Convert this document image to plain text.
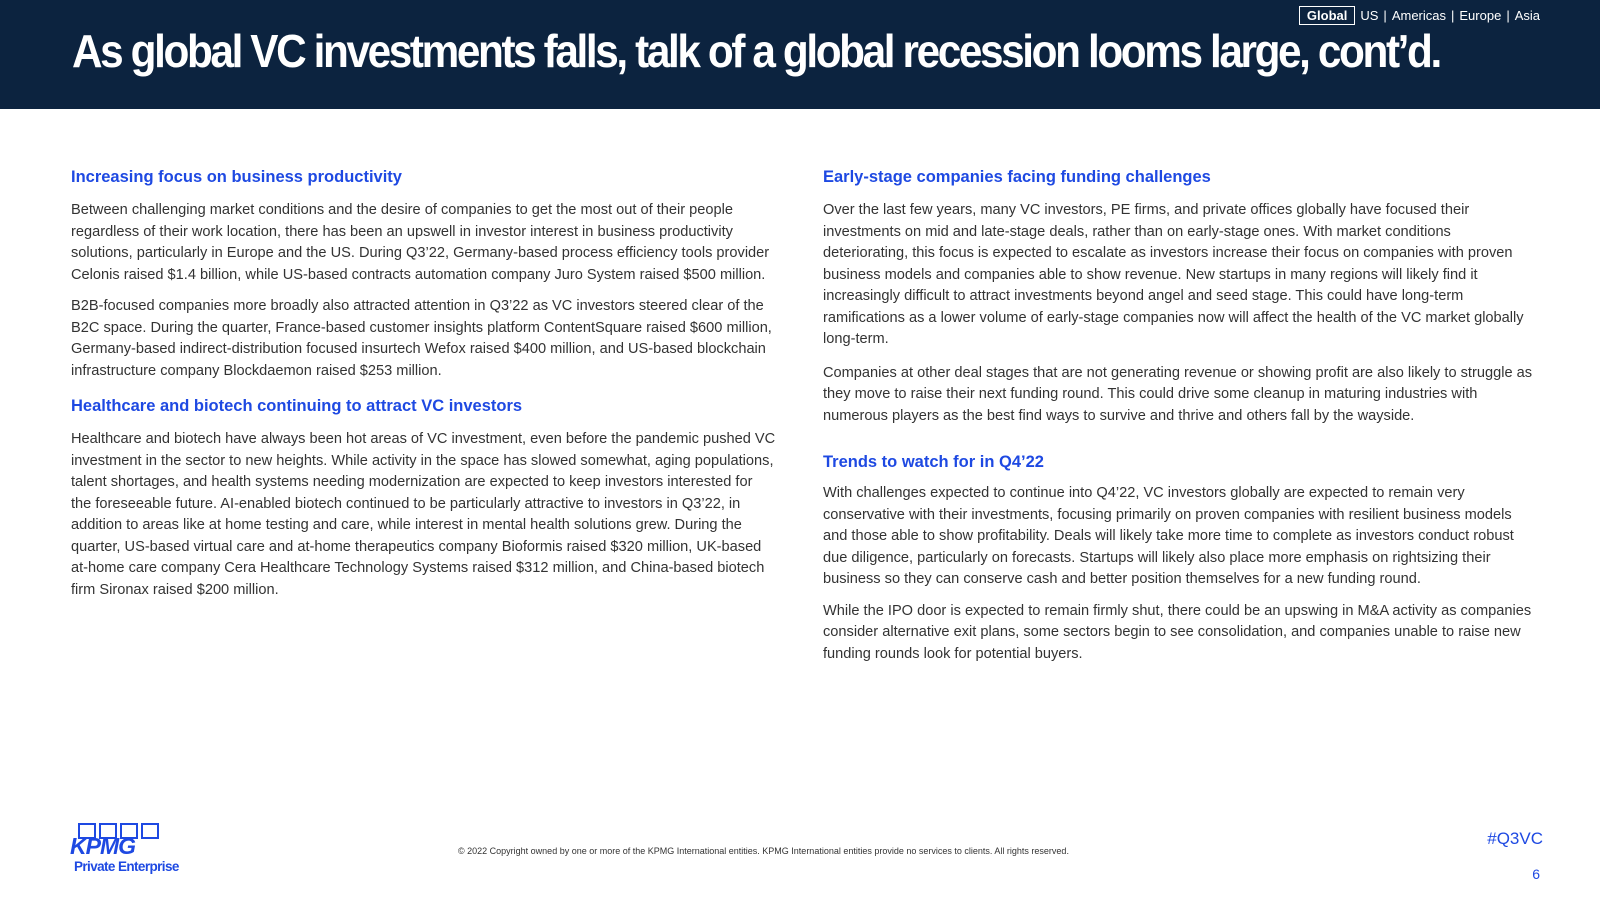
As global VC investments falls, talk of a global recession looms large, cont’d.
Global	US | Americas | Europe | Asia
Increasing focus on business productivity

Between challenging market conditions and the desire of companies to get the most out of their people regardless of their work location, there has been an upswell in investor interest in business productivity solutions, particularly in Europe and the US. During Q3’22, Germany-based process efficiency tools provider Celonis raised $1.4 billion, while US-based contracts automation company Juro System raised $500 million.

B2B-focused companies more broadly also attracted attention in Q3’22 as VC investors steered clear of the B2C space. During the quarter, France-based customer insights platform ContentSquare raised $600 million, Germany-based indirect-distribution focused insurtech Wefox raised $400 million, and US-based blockchain infrastructure company Blockdaemon raised $253 million.

Healthcare and biotech continuing to attract VC investors

Healthcare and biotech have always been hot areas of VC investment, even before the pandemic pushed VC investment in the sector to new heights. While activity in the space has slowed somewhat, aging populations, talent shortages, and health systems needing modernization are expected to keep investors interested for the foreseeable future. AI-enabled biotech continued to be particularly attractive to investors in Q3’22, in addition to areas like at home testing and care, while interest in mental health solutions grew. During the quarter, US-based virtual care and at-home therapeutics company Bioformis raised $320 million, UK-based at-home care company Cera Healthcare Technology Systems raised $312 million, and China-based biotech firm Sironax raised $200 million.

Early-stage companies facing funding challenges

Over the last few years, many VC investors, PE firms, and private offices globally have focused their investments on mid and late-stage deals, rather than on early-stage ones. With market conditions deteriorating, this focus is expected to escalate as investors increase their focus on companies with proven business models and companies able to show revenue. New startups in many regions will likely find it increasingly difficult to attract investments beyond angel and seed stage. This could have long-term ramifications as a lower volume of early-stage companies now will affect the health of the VC market globally long-term.

Companies at other deal stages that are not generating revenue or showing profit are also likely to struggle as they move to raise their next funding round. This could drive some cleanup in maturing industries with numerous players as the best find ways to survive and thrive and others fall by the wayside.

Trends to watch for in Q4’22

With challenges expected to continue into Q4’22, VC investors globally are expected to remain very conservative with their investments, focusing primarily on proven companies with resilient business models and those able to show profitability. Deals will likely take more time to complete as investors conduct robust due diligence, particularly on forecasts. Startups will likely also place more emphasis on rightsizing their business so they can conserve cash and better position themselves for a new funding round.

While the IPO door is expected to remain firmly shut, there could be an upswing in M&A activity as companies consider alternative exit plans, some sectors begin to see consolidation, and companies unable to raise new funding rounds look for potential buyers.

KPMG
Private Enterprise
© 2022 Copyright owned by one or more of the KPMG International entities. KPMG International entities provide no services to clients. All rights reserved.
#Q3VC
6
